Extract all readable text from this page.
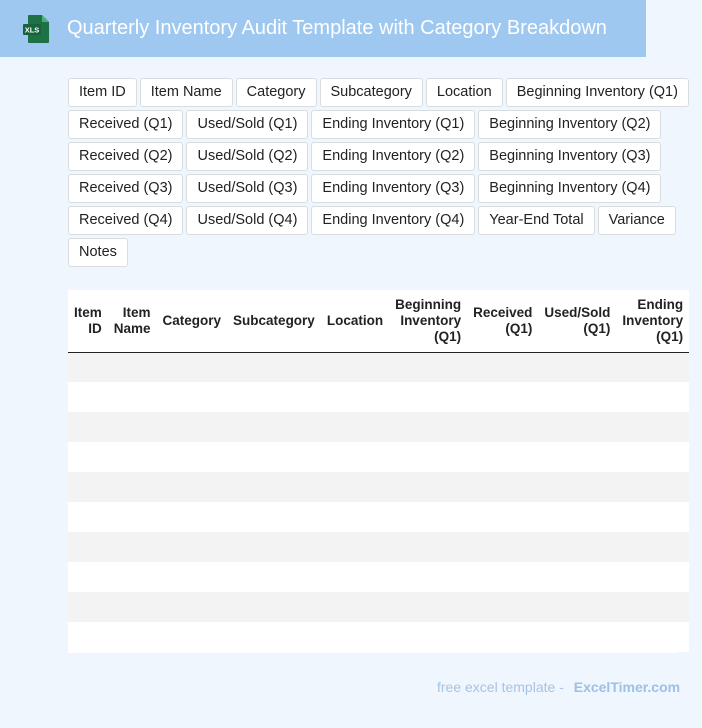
XLS Quarterly Inventory Audit Template with Category Breakdown
Item ID	Item Name	Category	Subcategory	Location	Beginning Inventory (Q1)
Received (Q1)	Used/Sold (Q1)	Ending Inventory (Q1)	Beginning Inventory (Q2)
Received (Q2)	Used/Sold (Q2)	Ending Inventory (Q2)	Beginning Inventory (Q3)
Received (Q3)	Used/Sold (Q3)	Ending Inventory (Q3)	Beginning Inventory (Q4)
Received (Q4)	Used/Sold (Q4)	Ending Inventory (Q4)	Year-End Total	Variance
Notes
Item ID	Item Name	Category	Subcategory	Location	Beginning Inventory (Q1)	Received (Q1)	Used/Sold (Q1)	Ending Inventory (Q1)

free excel template - ExcelTimer.com
